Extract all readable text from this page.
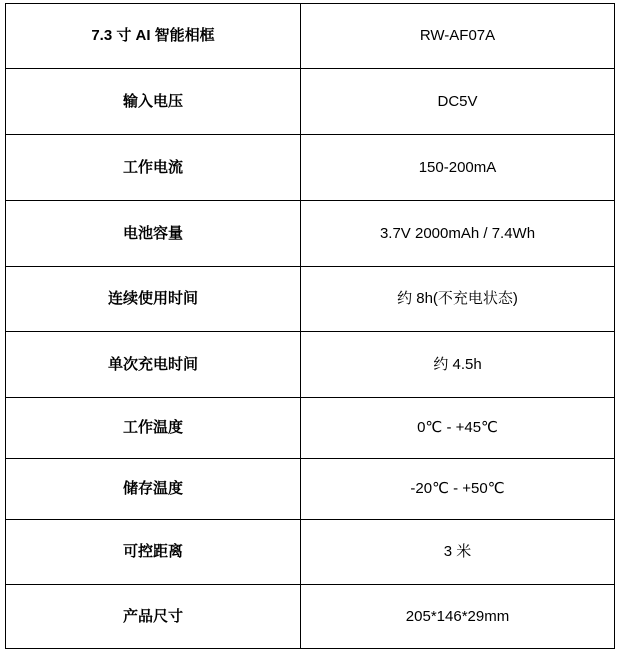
7.3 寸 AI 智能相框	RW-AF07A
输入电压	DC5V
工作电流	150-200mA
电池容量	3.7V 2000mAh / 7.4Wh
连续使用时间	约 8h(不充电状态)
单次充电时间	约 4.5h
工作温度	0℃ - +45℃
储存温度	-20℃ - +50℃
可控距离	3 米
产品尺寸	205*146*29mm
